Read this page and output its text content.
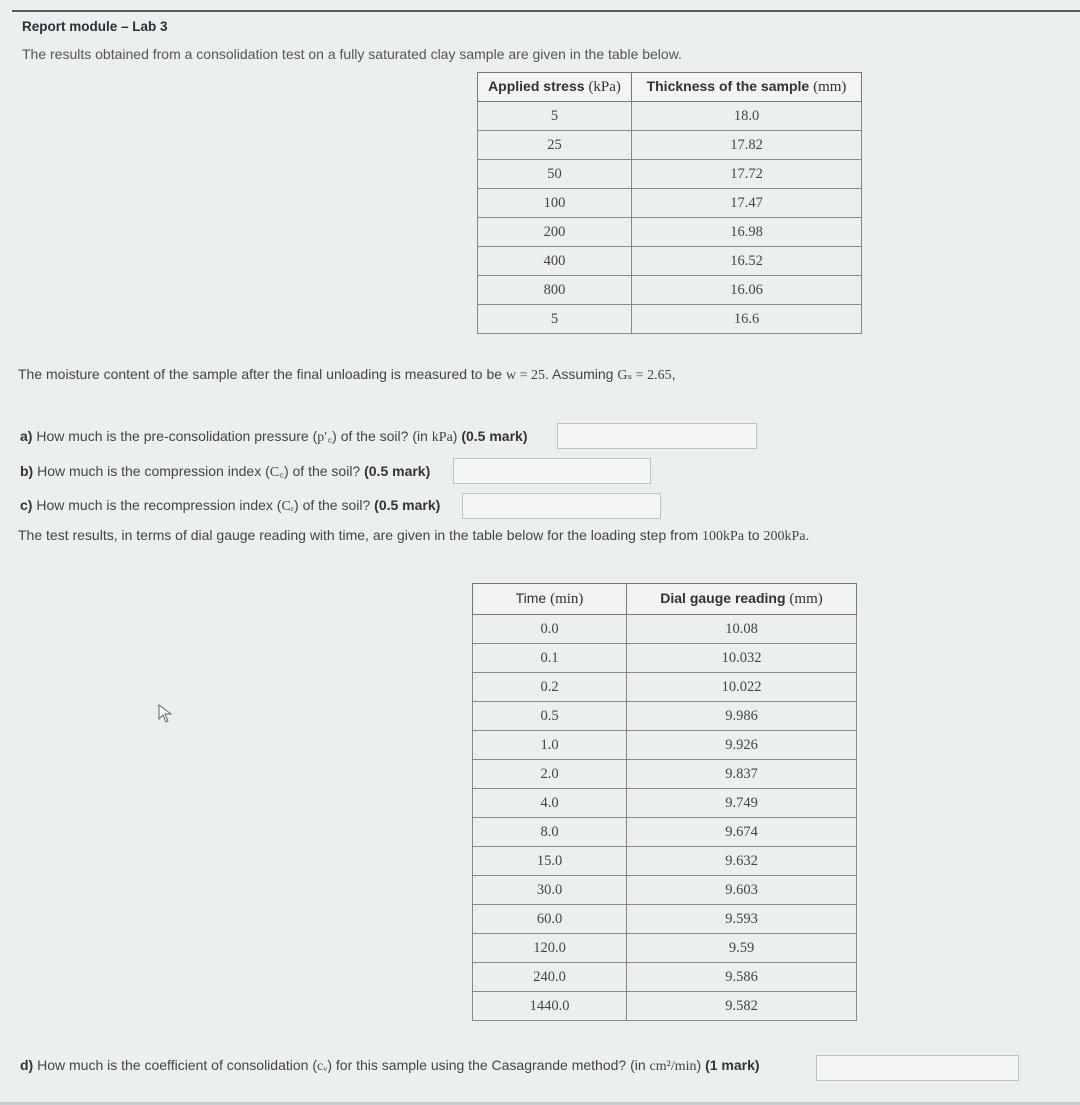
Report module – Lab 3
The results obtained from a consolidation test on a fully saturated clay sample are given in the table below.
Applied stress (kPa)	Thickness of the sample (mm)
5	18.0
25	17.82
50	17.72
100	17.47
200	16.98
400	16.52
800	16.06
5	16.6
The moisture content of the sample after the final unloading is measured to be w = 25. Assuming Gₛ = 2.65,
a) How much is the pre-consolidation pressure (p′꜀) of the soil? (in kPa) (0.5 mark)
b) How much is the compression index (C꜀) of the soil? (0.5 mark)
c) How much is the recompression index (Cᵣ) of the soil? (0.5 mark)
The test results, in terms of dial gauge reading with time, are given in the table below for the loading step from 100kPa to 200kPa.
Time (min)	Dial gauge reading (mm)
0.0	10.08
0.1	10.032
0.2	10.022
0.5	9.986
1.0	9.926
2.0	9.837
4.0	9.749
8.0	9.674
15.0	9.632
30.0	9.603
60.0	9.593
120.0	9.59
240.0	9.586
1440.0	9.582
d) How much is the coefficient of consolidation (cᵥ) for this sample using the Casagrande method? (in cm²/min) (1 mark)
